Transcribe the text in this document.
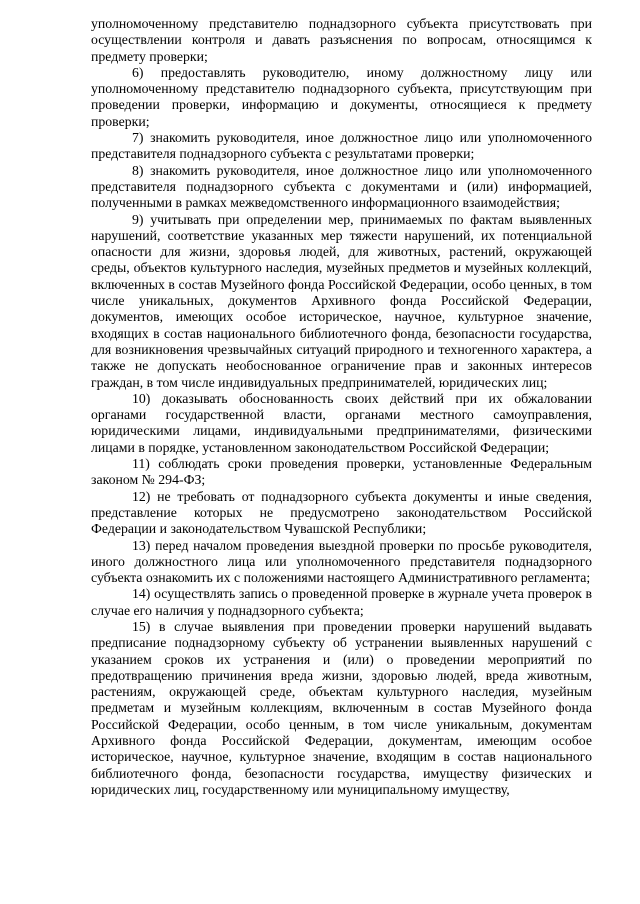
уполномоченному представителю поднадзорного субъекта присутствовать при осуществлении контроля и давать разъяснения по вопросам, относящимся к предмету проверки;

6) предоставлять руководителю, иному должностному лицу или уполномоченному представителю поднадзорного субъекта, присутствующим при проведении проверки, информацию и документы, относящиеся к предмету проверки;

7) знакомить руководителя, иное должностное лицо или уполномоченного представителя поднадзорного субъекта с результатами проверки;

8) знакомить руководителя, иное должностное лицо или уполномоченного представителя поднадзорного субъекта с документами и (или) информацией, полученными в рамках межведомственного информационного взаимодействия;

9) учитывать при определении мер, принимаемых по фактам выявленных нарушений, соответствие указанных мер тяжести нарушений, их потенциальной опасности для жизни, здоровья людей, для животных, растений, окружающей среды, объектов культурного наследия, музейных предметов и музейных коллекций, включенных в состав Музейного фонда Российской Федерации, особо ценных, в том числе уникальных, документов Архивного фонда Российской Федерации, документов, имеющих особое историческое, научное, культурное значение, входящих в состав национального библиотечного фонда, безопасности государства, для возникновения чрезвычайных ситуаций природного и техногенного характера, а также не допускать необоснованное ограничение прав и законных интересов граждан, в том числе индивидуальных предпринимателей, юридических лиц;

10) доказывать обоснованность своих действий при их обжаловании органами государственной власти, органами местного самоуправления, юридическими лицами, индивидуальными предпринимателями, физическими лицами в порядке, установленном законодательством Российской Федерации;

11) соблюдать сроки проведения проверки, установленные Федеральным законом № 294-ФЗ;

12) не требовать от поднадзорного субъекта документы и иные сведения, представление которых не предусмотрено законодательством Российской Федерации и законодательством Чувашской Республики;

13) перед началом проведения выездной проверки по просьбе руководителя, иного должностного лица или уполномоченного представителя поднадзорного субъекта ознакомить их с положениями настоящего Административного регламента;

14) осуществлять запись о проведенной проверке в журнале учета проверок в случае его наличия у поднадзорного субъекта;

15) в случае выявления при проведении проверки нарушений выдавать предписание поднадзорному субъекту об устранении выявленных нарушений с указанием сроков их устранения и (или) о проведении мероприятий по предотвращению причинения вреда жизни, здоровью людей, вреда животным, растениям, окружающей среде, объектам культурного наследия, музейным предметам и музейным коллекциям, включенным в состав Музейного фонда Российской Федерации, особо ценным, в том числе уникальным, документам Архивного фонда Российской Федерации, документам, имеющим особое историческое, научное, культурное значение, входящим в состав национального библиотечного фонда, безопасности государства, имуществу физических и юридических лиц, государственному или муниципальному имуществу,
